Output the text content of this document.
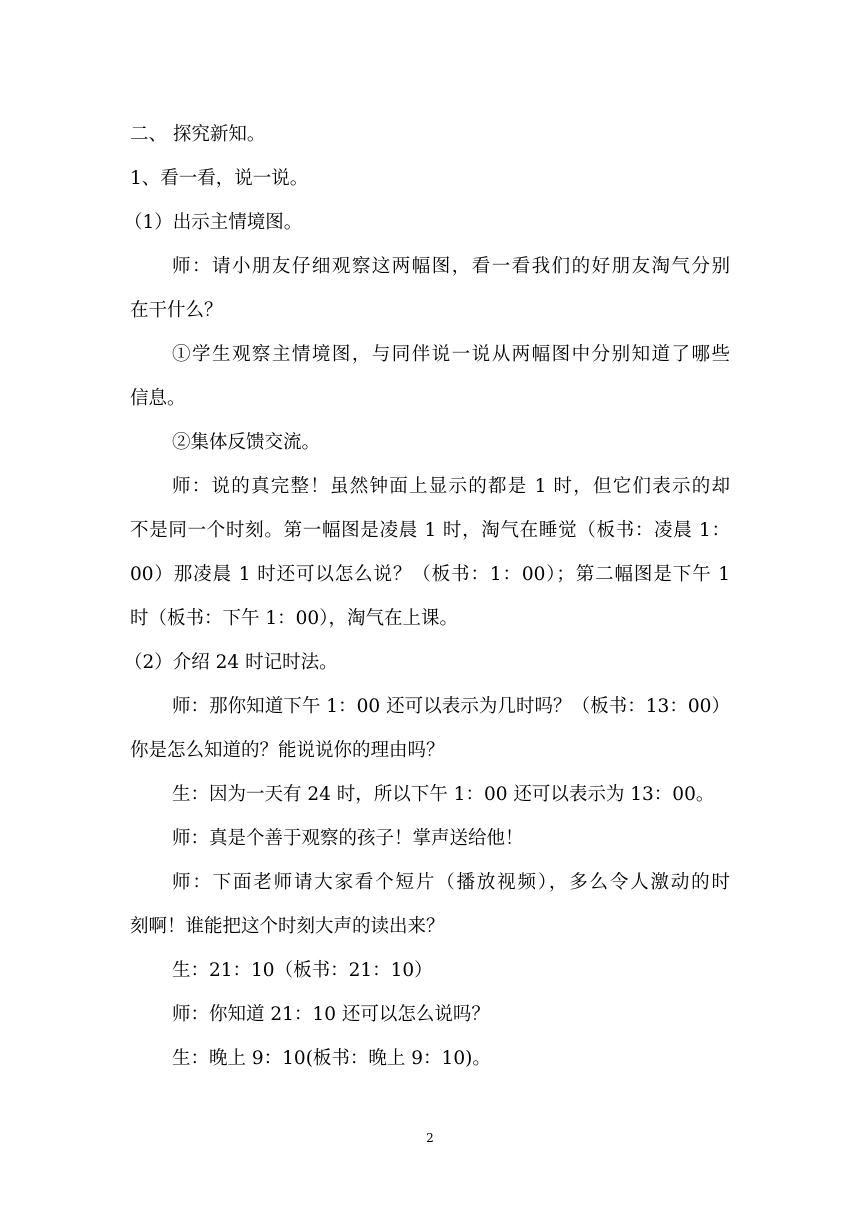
二、 探究新知。

1、看一看，说一说。

（1）出示主情境图。

师：请小朋友仔细观察这两幅图，看一看我们的好朋友淘气分别

在干什么？

①学生观察主情境图，与同伴说一说从两幅图中分别知道了哪些

信息。

②集体反馈交流。

师：说的真完整！虽然钟面上显示的都是 1 时，但它们表示的却

不是同一个时刻。第一幅图是凌晨 1 时，淘气在睡觉（板书：凌晨 1：

00）那凌晨 1 时还可以怎么说？（板书：1：00）；第二幅图是下午 1

时（板书：下午 1：00），淘气在上课。

（2）介绍 24 时记时法。

师：那你知道下午 1：00 还可以表示为几时吗？（板书：13：00）

你是怎么知道的？能说说你的理由吗？

生：因为一天有 24 时，所以下午 1：00 还可以表示为 13：00。

师：真是个善于观察的孩子！掌声送给他！

师：下面老师请大家看个短片（播放视频），多么令人激动的时

刻啊！谁能把这个时刻大声的读出来？

生：21：10（板书：21：10）

师：你知道 21：10 还可以怎么说吗？

生：晚上 9：10(板书：晚上 9：10)。

2
